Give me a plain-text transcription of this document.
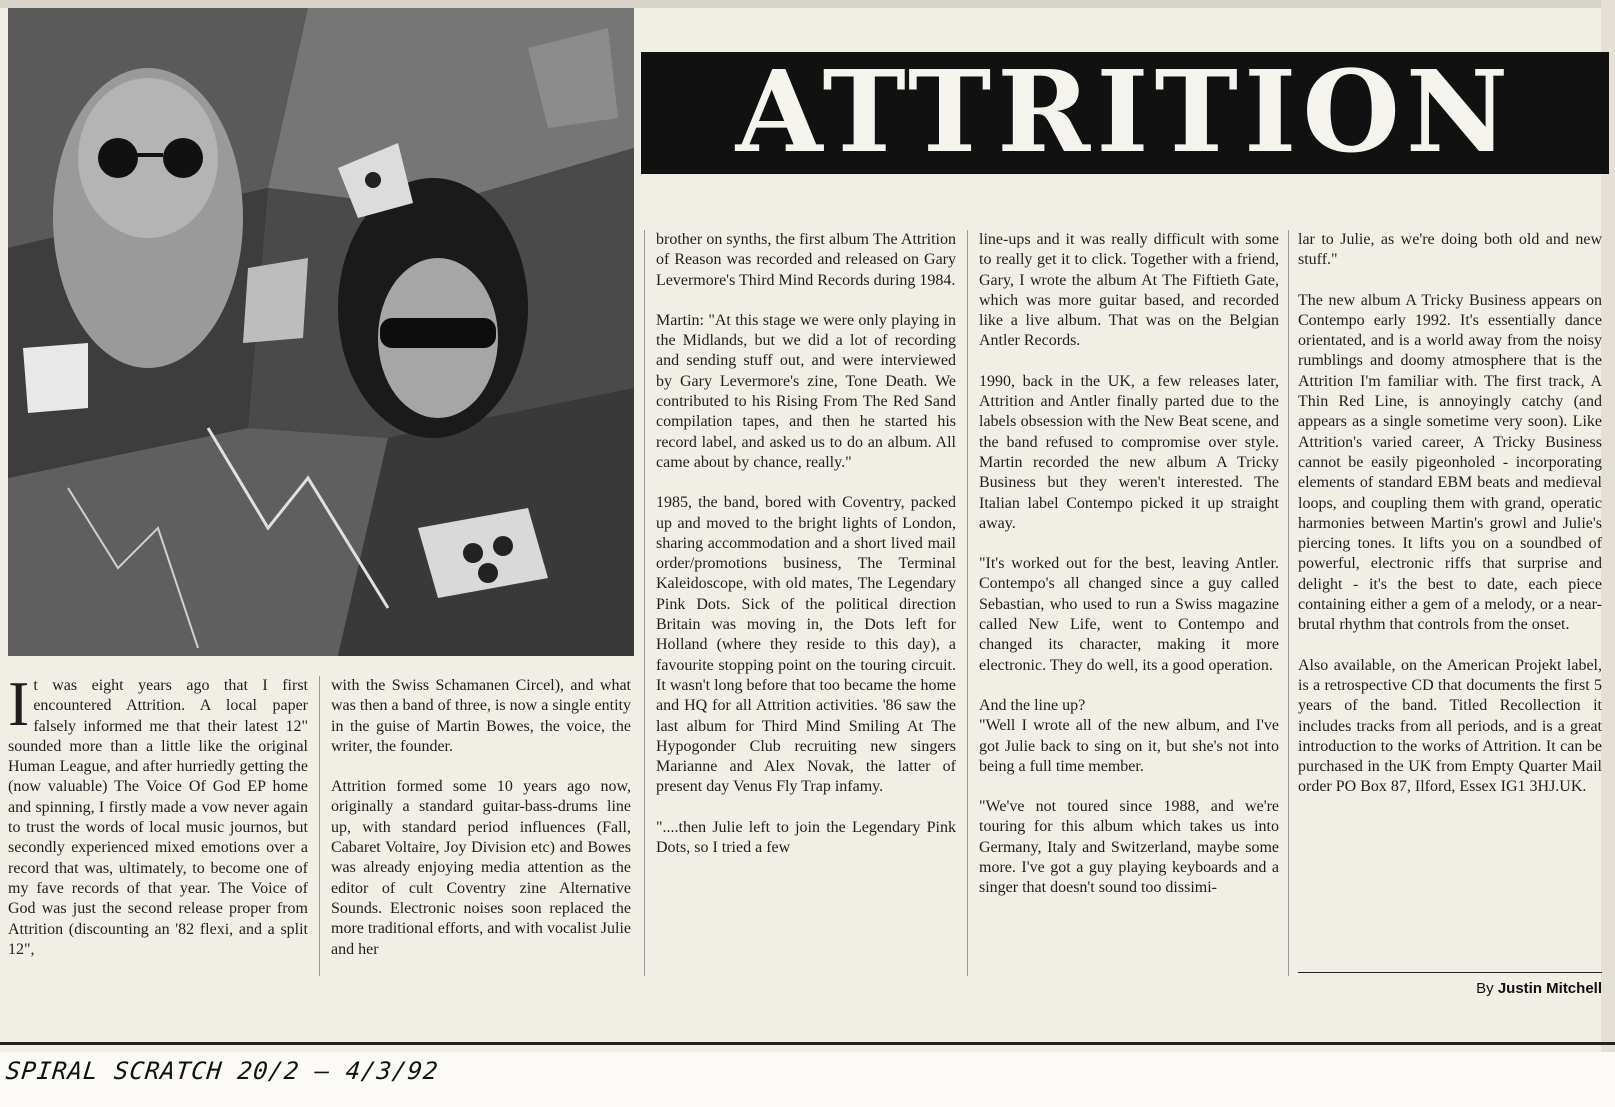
ATTRITION

It was eight years ago that I first encountered Attrition. A local paper falsely informed me that their latest 12" sounded more than a little like the original Human League, and after hurriedly getting the (now valuable) The Voice Of God EP home and spinning, I firstly made a vow never again to trust the words of local music journos, but secondly experienced mixed emotions over a record that was, ultimately, to become one of my fave records of that year. The Voice of God was just the second release proper from Attrition (discounting an '82 flexi, and a split 12",

with the Swiss Schamanen Circel), and what was then a band of three, is now a single entity in the guise of Martin Bowes, the voice, the writer, the founder.

Attrition formed some 10 years ago now, originally a standard guitar-bass-drums line up, with standard period influences (Fall, Cabaret Voltaire, Joy Division etc) and Bowes was already enjoying media attention as the editor of cult Coventry zine Alternative Sounds. Electronic noises soon replaced the more traditional efforts, and with vocalist Julie and her

brother on synths, the first album The Attrition of Reason was recorded and released on Gary Levermore's Third Mind Records during 1984.

Martin: "At this stage we were only playing in the Midlands, but we did a lot of recording and sending stuff out, and were interviewed by Gary Levermore's zine, Tone Death. We contributed to his Rising From The Red Sand compilation tapes, and then he started his record label, and asked us to do an album. All came about by chance, really."

1985, the band, bored with Coventry, packed up and moved to the bright lights of London, sharing accommodation and a short lived mail order/promotions business, The Terminal Kaleidoscope, with old mates, The Legendary Pink Dots. Sick of the political direction Britain was moving in, the Dots left for Holland (where they reside to this day), a favourite stopping point on the touring circuit. It wasn't long before that too became the home and HQ for all Attrition activities. '86 saw the last album for Third Mind Smiling At The Hypogonder Club recruiting new singers Marianne and Alex Novak, the latter of present day Venus Fly Trap infamy.

"....then Julie left to join the Legendary Pink Dots, so I tried a few

line-ups and it was really difficult with some to really get it to click. Together with a friend, Gary, I wrote the album At The Fiftieth Gate, which was more guitar based, and recorded like a live album. That was on the Belgian Antler Records.

1990, back in the UK, a few releases later, Attrition and Antler finally parted due to the labels obsession with the New Beat scene, and the band refused to compromise over style. Martin recorded the new album A Tricky Business but they weren't interested. The Italian label Contempo picked it up straight away.

"It's worked out for the best, leaving Antler. Contempo's all changed since a guy called Sebastian, who used to run a Swiss magazine called New Life, went to Contempo and changed its character, making it more electronic. They do well, its a good operation.

And the line up?

"Well I wrote all of the new album, and I've got Julie back to sing on it, but she's not into being a full time member.

"We've not toured since 1988, and we're touring for this album which takes us into Germany, Italy and Switzerland, maybe some more. I've got a guy playing keyboards and a singer that doesn't sound too dissimi-

lar to Julie, as we're doing both old and new stuff."

The new album A Tricky Business appears on Contempo early 1992. It's essentially dance orientated, and is a world away from the noisy rumblings and doomy atmosphere that is the Attrition I'm familiar with. The first track, A Thin Red Line, is annoyingly catchy (and appears as a single sometime very soon). Like Attrition's varied career, A Tricky Business cannot be easily pigeonholed - incorporating elements of standard EBM beats and medieval loops, and coupling them with grand, operatic harmonies between Martin's growl and Julie's piercing tones. It lifts you on a soundbed of powerful, electronic riffs that surprise and delight - it's the best to date, each piece containing either a gem of a melody, or a near-brutal rhythm that controls from the onset.

Also available, on the American Projekt label, is a retrospective CD that documents the first 5 years of the band. Titled Recollection it includes tracks from all periods, and is a great introduction to the works of Attrition. It can be purchased in the UK from Empty Quarter Mail order PO Box 87, Ilford, Essex IG1 3HJ.UK.

By Justin Mitchell
SPIRAL SCRATCH 20/2 – 4/3/92
